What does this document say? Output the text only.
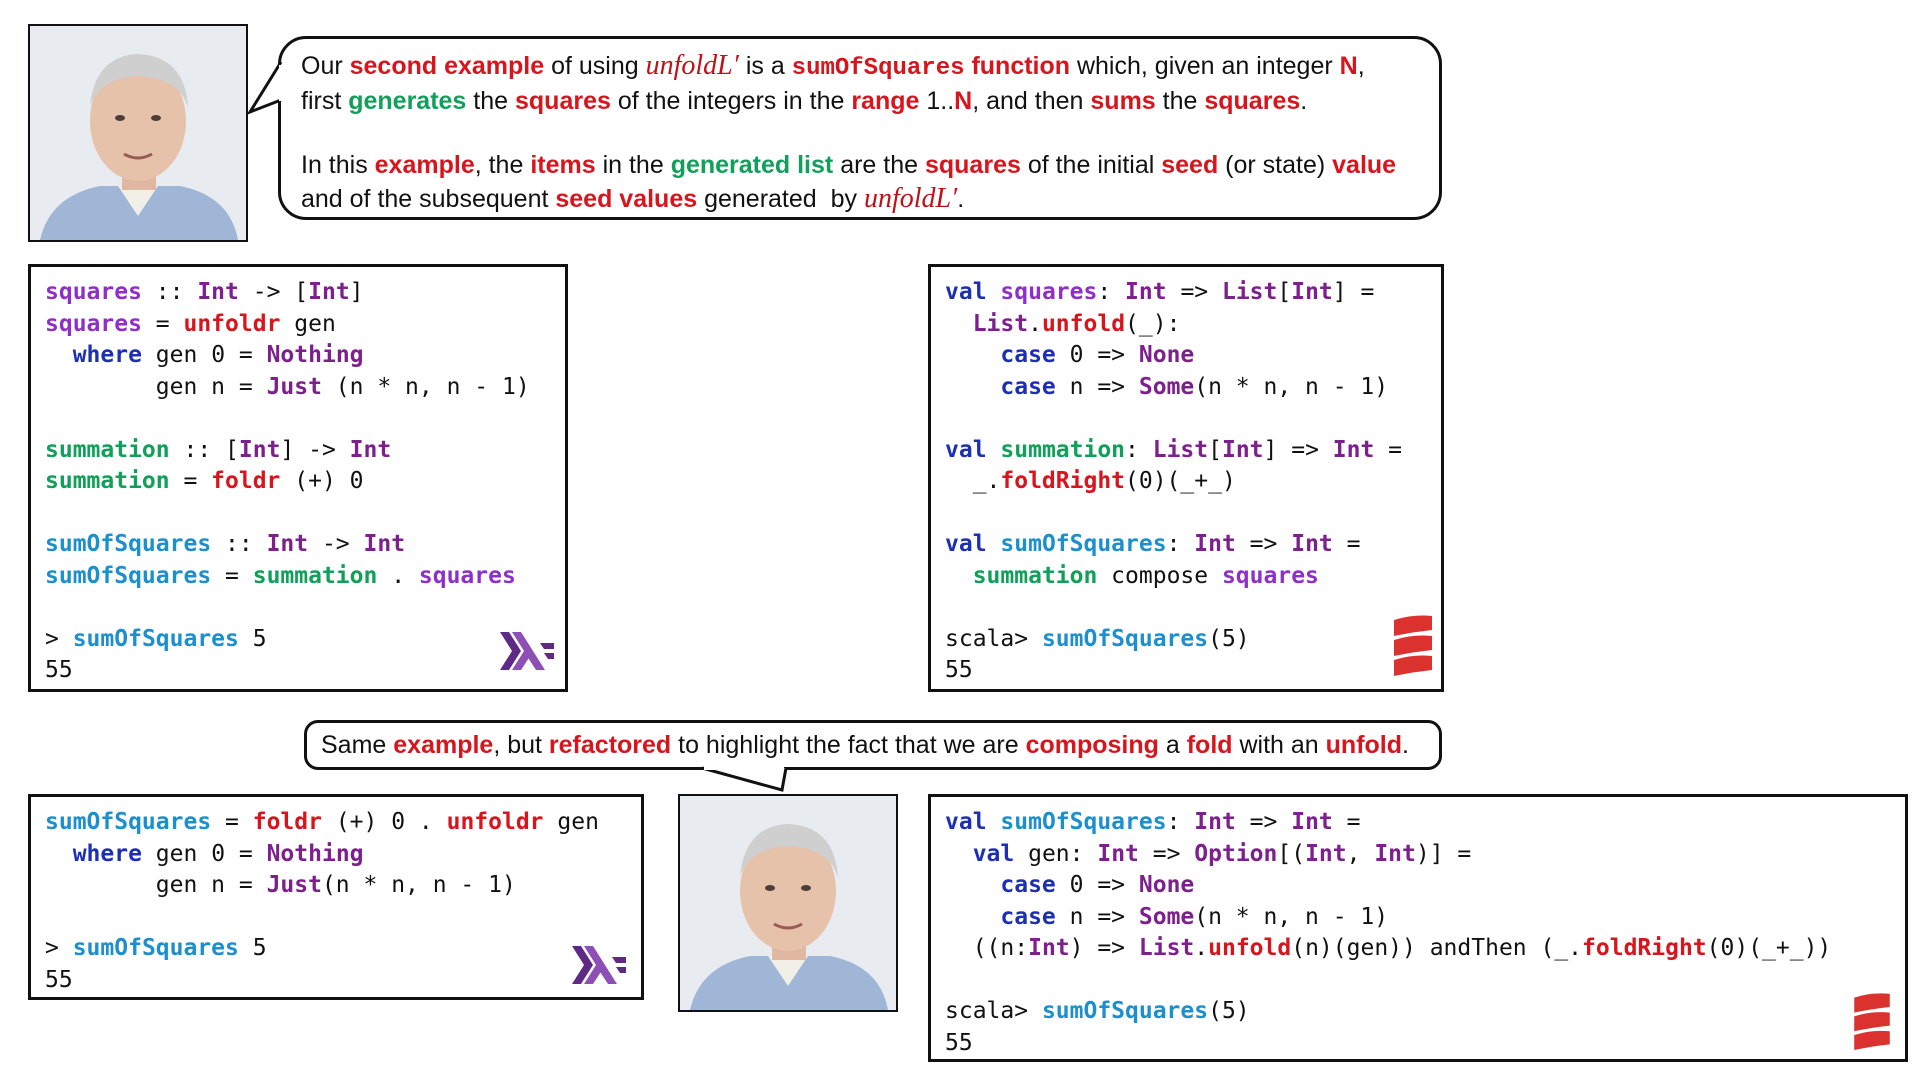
Our second example of using unfoldL′ is a sumOfSquares function which, given an integer N,
first generates the squares of the integers in the range 1..N, and then sums the squares.
In this example, the items in the generated list are the squares of the initial seed (or state) value
and of the subsequent seed values generated  by unfoldL′.
squares :: Int -> [Int]
squares = unfoldr gen
where gen 0 = Nothing
gen n = Just (n * n, n - 1)
summation :: [Int] -> Int
summation = foldr (+) 0
sumOfSquares :: Int -> Int
sumOfSquares = summation . squares
> sumOfSquares 5
55
val squares: Int => List[Int] =
List.unfold(_):
case 0 => None
case n => Some(n * n, n - 1)
val summation: List[Int] => Int =
_.foldRight(0)(_+_)
val sumOfSquares: Int => Int =
summation compose squares
scala> sumOfSquares(5)
55
Same example, but refactored to highlight the fact that we are composing a fold with an unfold.
sumOfSquares = foldr (+) 0 . unfoldr gen
where gen 0 = Nothing
gen n = Just(n * n, n - 1)
> sumOfSquares 5
55
val sumOfSquares: Int => Int =
val gen: Int => Option[(Int, Int)] =
case 0 => None
case n => Some(n * n, n - 1)
((n:Int) => List.unfold(n)(gen)) andThen (_.foldRight(0)(_+_))
scala> sumOfSquares(5)
55
